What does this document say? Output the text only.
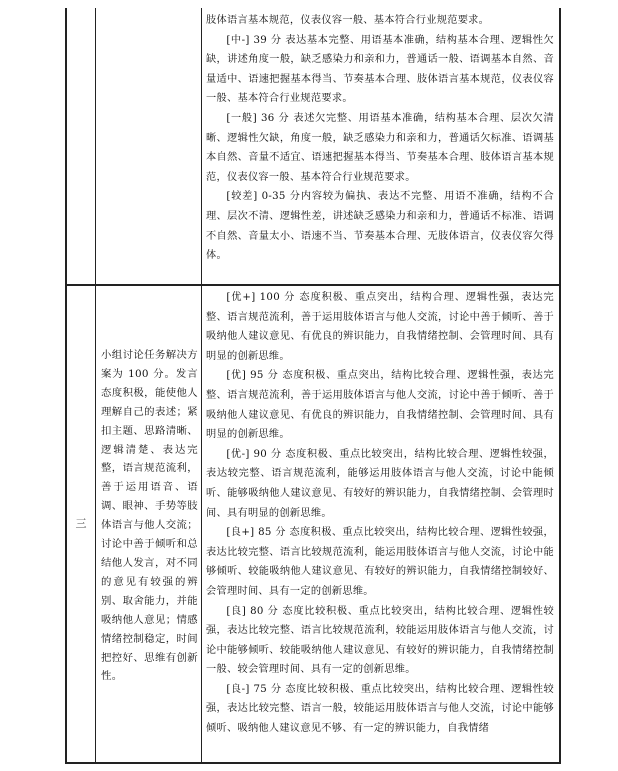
肢体语言基本规范，仪表仪容一般、基本符合行业规范要求。

[中-] 39 分 表达基本完整、用语基本准确，结构基本合理、逻辑性欠缺，讲述角度一般，缺乏感染力和亲和力，普通话一般、语调基本自然、音量适中、语速把握基本得当、节奏基本合理、肢体语言基本规范，仪表仪容一般、基本符合行业规范要求。

[一般] 36 分 表述欠完整、用语基本准确，结构基本合理、层次欠清晰、逻辑性欠缺，角度一般，缺乏感染力和亲和力，普通话欠标准、语调基本自然、音量不适宜、语速把握基本得当、节奏基本合理、肢体语言基本规范，仪表仪容一般、基本符合行业规范要求。

[较差] 0-35 分内容较为偏执、表达不完整、用语不准确，结构不合理、层次不清、逻辑性差，讲述缺乏感染力和亲和力，普通话不标准、语调不自然、音量太小、语速不当、节奏基本合理、无肢体语言，仪表仪容欠得体。

三
小组讨论任务解决方案为 100 分。发言态度积极，能使他人理解自己的表述；紧扣主题、思路清晰、逻辑清楚、表达完整，语言规范流利，善于运用语音、语调、眼神、手势等肢体语言与他人交流；讨论中善于倾听和总结他人发言，对不同的意见有较强的辨别、取舍能力，并能吸纳他人意见；情感情绪控制稳定，时间把控好、思维有创新性。

[优+] 100 分 态度积极、重点突出，结构合理、逻辑性强，表达完整、语言规范流利，善于运用肢体语言与他人交流，讨论中善于倾听、善于吸纳他人建议意见、有优良的辨识能力，自我情绪控制、会管理时间、具有明显的创新思维。

[优] 95 分 态度积极、重点突出，结构比较合理、逻辑性强，表达完整、语言规范流利，善于运用肢体语言与他人交流，讨论中善于倾听、善于吸纳他人建议意见、有优良的辨识能力，自我情绪控制、会管理时间、具有明显的创新思维。

[优-] 90 分 态度积极、重点比较突出，结构比较合理、逻辑性较强，表达较完整、语言规范流利，能够运用肢体语言与他人交流，讨论中能倾听、能够吸纳他人建议意见、有较好的辨识能力，自我情绪控制、会管理时间、具有明显的创新思维。

[良+] 85 分 态度积极、重点比较突出，结构比较合理、逻辑性较强，表达比较完整、语言比较规范流利，能运用肢体语言与他人交流，讨论中能够倾听、较能吸纳他人建议意见、有较好的辨识能力，自我情绪控制较好、会管理时间、具有一定的创新思维。

[良] 80 分 态度比较积极、重点比较突出，结构比较合理、逻辑性较强，表达比较完整、语言比较规范流利，较能运用肢体语言与他人交流，讨论中能够倾听、较能吸纳他人建议意见、有较好的辨识能力，自我情绪控制一般、较会管理时间、具有一定的创新思维。

[良-] 75 分 态度比较积极、重点比较突出，结构比较合理、逻辑性较强，表达比较完整、语言一般，较能运用肢体语言与他人交流，讨论中能够倾听、吸纳他人建议意见不够、有一定的辨识能力，自我情绪
